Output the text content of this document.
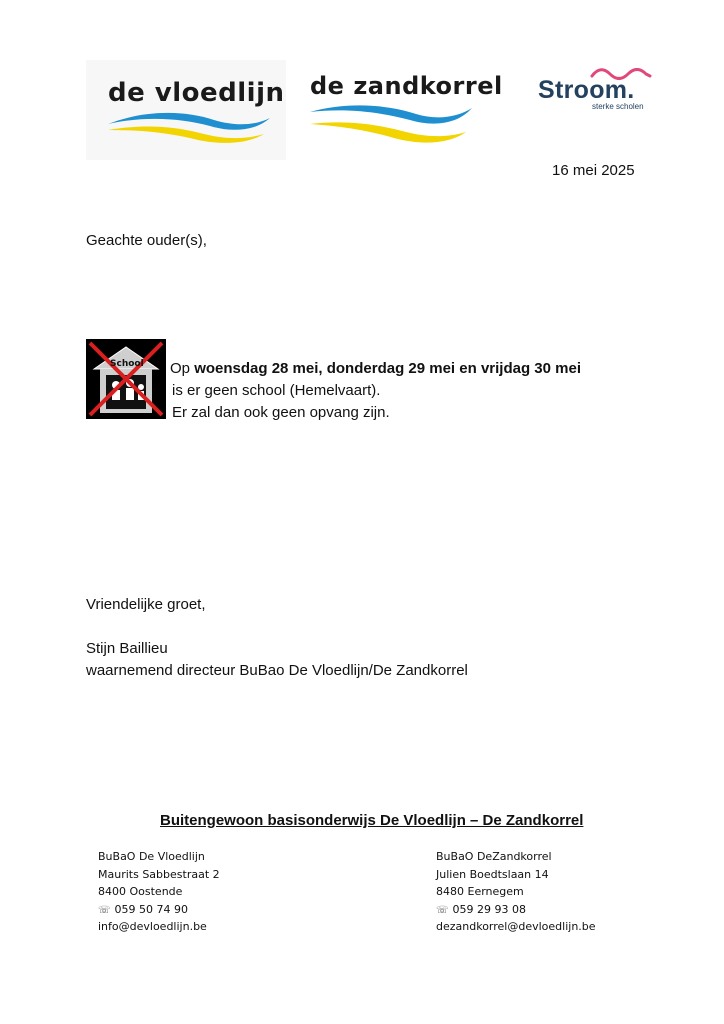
de vloedlijn de zandkorrel Stroom.
sterke scholen
16 mei 2025
Geachte ouder(s),
School Op woensdag 28 mei, donderdag 29 mei en vrijdag 30 mei
is er geen school (Hemelvaart).
Er zal dan ook geen opvang zijn.
Vriendelijke groet,
Stijn Baillieu
waarnemend directeur BuBao De Vloedlijn/De Zandkorrel
Buitengewoon basisonderwijs De Vloedlijn – De Zandkorrel
BuBaO De Vloedlijn
Maurits Sabbestraat 2
8400 Oostende
☏ 059 50 74 90
info@devloedlijn.be
BuBaO DeZandkorrel
Julien Boedtslaan 14
8480 Eernegem
☏ 059 29 93 08
dezandkorrel@devloedlijn.be
